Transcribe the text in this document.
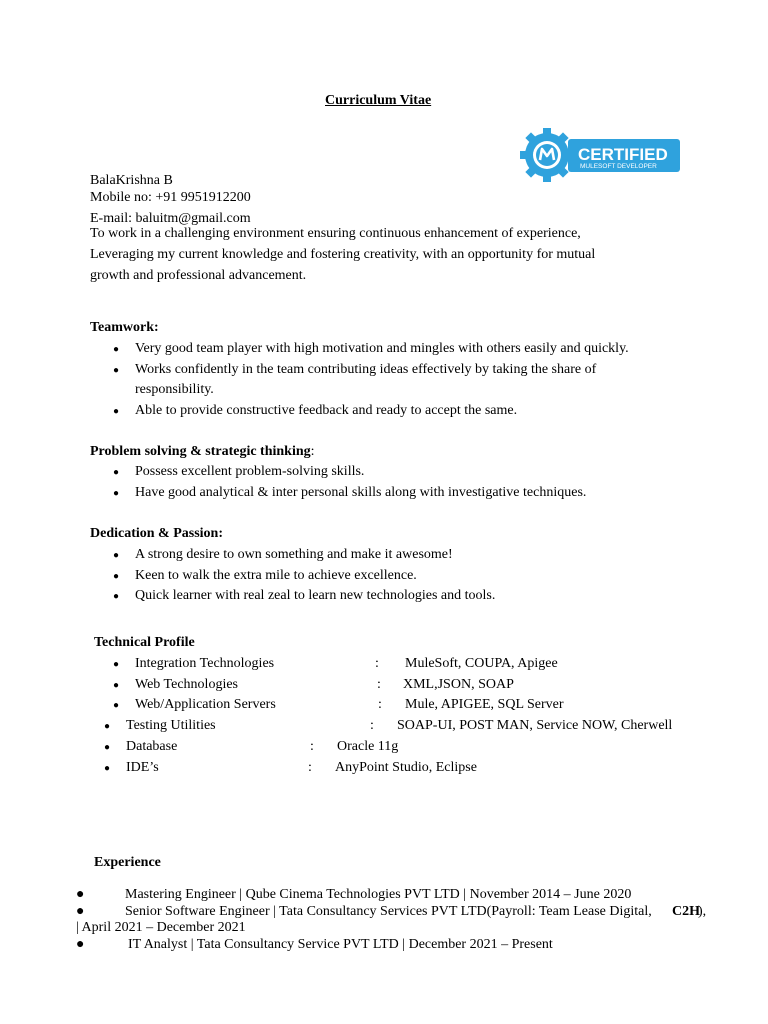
Curriculum Vitae
CERTIFIED
MULESOFT DEVELOPER
BalaKrishna B
Mobile no: +91 9951912200
E-mail: baluitm@gmail.com
To work in a challenging environment ensuring continuous enhancement of experience,
Leveraging my current knowledge and fostering creativity, with an opportunity for mutual
growth and professional advancement.
Teamwork:
● Very good team player with high motivation and mingles with others easily and quickly.
● Works confidently in the team contributing ideas effectively by taking the share of
responsibility.
● Able to provide constructive feedback and ready to accept the same.
Problem solving & strategic thinking:
● Possess excellent problem-solving skills.
● Have good analytical & inter personal skills along with investigative techniques.
Dedication & Passion:
● A strong desire to own something and make it awesome!
● Keen to walk the extra mile to achieve excellence.
● Quick learner with real zeal to learn new technologies and tools.
Technical Profile
● Integration Technologies	: MuleSoft, COUPA, Apigee
● Web Technologies	: XML,JSON, SOAP
● Web/Application Servers	: Mule, APIGEE, SQL Server
● Testing Utilities	: SOAP-UI, POST MAN, Service NOW, Cherwell
● Database	: Oracle 11g
● IDE’s	: AnyPoint Studio, Eclipse
Experience
●	Mastering Engineer | Qube Cinema Technologies PVT LTD | November 2014 – June 2020
●	Senior Software Engineer | Tata Consultancy Services PVT LTD(Payroll: Team Lease Digital, C2H
),
| April 2021 – December 2021
●	IT Analyst | Tata Consultancy Service PVT LTD | December 2021 – Present
